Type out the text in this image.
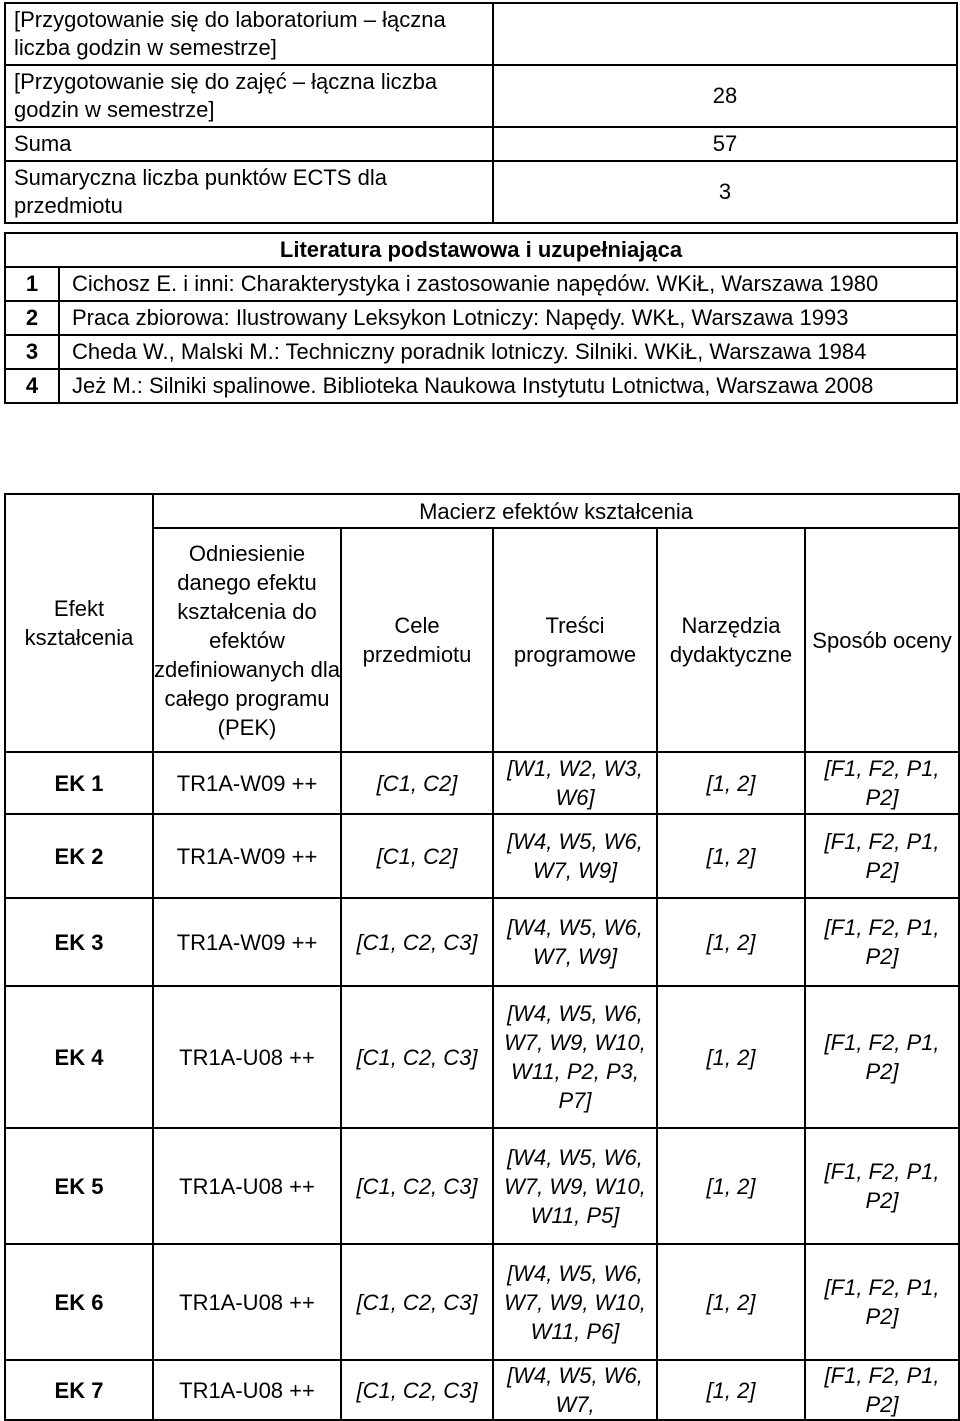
[Przygotowanie się do laboratorium – łączna liczba godzin w semestrze]	
[Przygotowanie się do zajęć – łączna liczba godzin w semestrze]	28
Suma	57
Sumaryczna liczba punktów ECTS dla przedmiotu	3
Literatura podstawowa i uzupełniająca	
1	Cichosz E. i inni: Charakterystyka i zastosowanie napędów. WKiŁ, Warszawa 1980
2	Praca zbiorowa: Ilustrowany Leksykon Lotniczy: Napędy. WKŁ, Warszawa 1993
3	Cheda W., Malski M.: Techniczny poradnik lotniczy. Silniki. WKiŁ, Warszawa 1984
4	Jeż M.: Silniki spalinowe. Biblioteka Naukowa Instytutu Lotnictwa, Warszawa 2008
Efekt kształcenia	Macierz efektów kształcenia				
	Odniesienie danego efektu kształcenia do efektów zdefiniowanych dla całego programu (PEK)	Cele przedmiotu	Treści programowe	Narzędzia dydaktyczne	Sposób oceny
EK 1	TR1A-W09 ++	[C1, C2]	[W1, W2, W3, W6]	[1, 2]	[F1, F2, P1, P2]
EK 2	TR1A-W09 ++	[C1, C2]	[W4, W5, W6, W7, W9]	[1, 2]	[F1, F2, P1, P2]
EK 3	TR1A-W09 ++	[C1, C2, C3]	[W4, W5, W6, W7, W9]	[1, 2]	[F1, F2, P1, P2]
EK 4	TR1A-U08 ++	[C1, C2, C3]	[W4, W5, W6, W7, W9, W10, W11, P2, P3, P7]	[1, 2]	[F1, F2, P1, P2]
EK 5	TR1A-U08 ++	[C1, C2, C3]	[W4, W5, W6, W7, W9, W10, W11, P5]	[1, 2]	[F1, F2, P1, P2]
EK 6	TR1A-U08 ++	[C1, C2, C3]	[W4, W5, W6, W7, W9, W10, W11, P6]	[1, 2]	[F1, F2, P1, P2]
EK 7	TR1A-U08 ++	[C1, C2, C3]	[W4, W5, W6, W7,	[1, 2]	[F1, F2, P1, P2]
